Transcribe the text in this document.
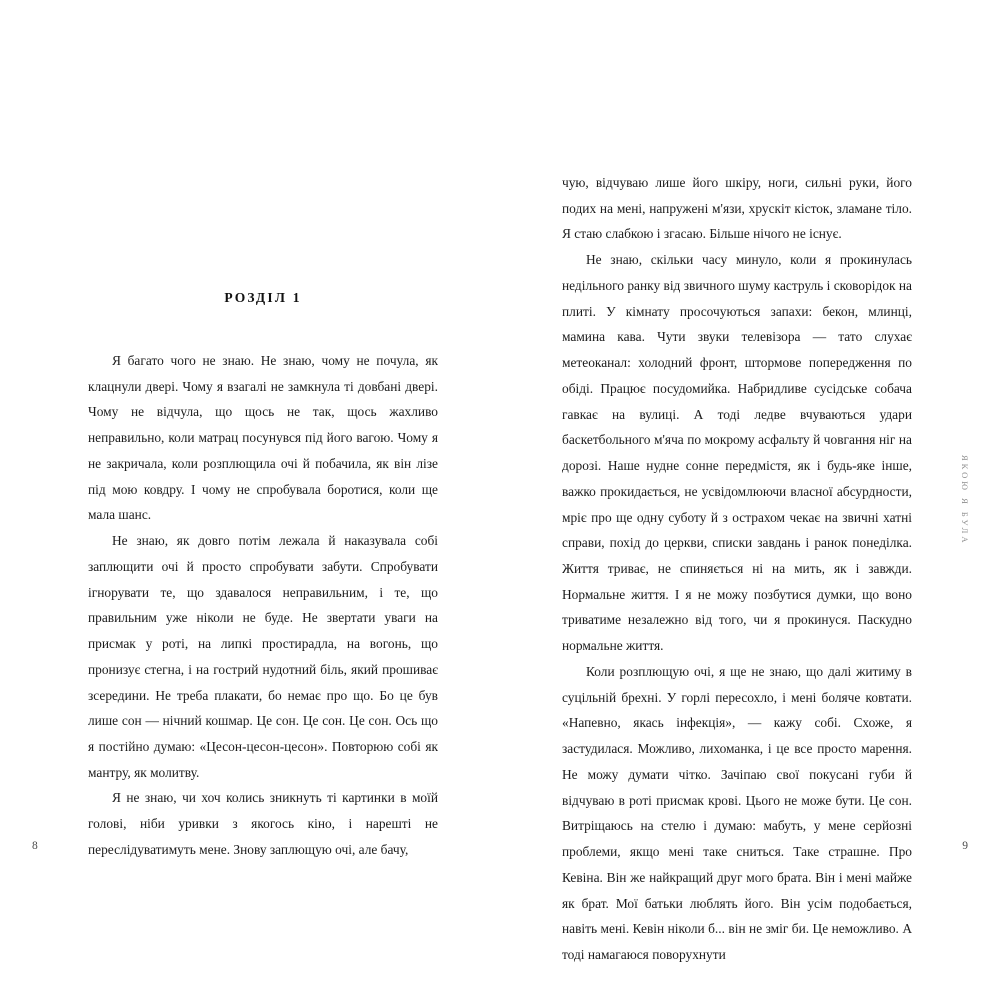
РОЗДІЛ 1

Я багато чого не знаю. Не знаю, чому не почула, як клацнули двері. Чому я взагалі не замкнула ті довбані двері. Чому не відчула, що щось не так, щось жахливо неправильно, коли матрац посунувся під його вагою. Чому я не закричала, коли розплющила очі й побачила, як він лізе під мою ковдру. І чому не спробувала боротися, коли ще мала шанс.

Не знаю, як довго потім лежала й наказувала собі заплющити очі й просто спробувати забути. Спробувати ігнорувати те, що здавалося неправильним, і те, що правильним уже ніколи не буде. Не звертати уваги на присмак у роті, на липкі простирадла, на вогонь, що пронизує стегна, і на гострий нудотний біль, який прошиває зсередини. Не треба плакати, бо немає про що. Бо це був лише сон — нічний кошмар. Це сон. Це сон. Це сон. Ось що я постійно думаю: «Цесон-цесон-цесон». Повторюю собі як мантру, як молитву.

Я не знаю, чи хоч колись зникнуть ті картинки в моїй голові, ніби уривки з якогось кіно, і нарешті не переслідуватимуть мене. Знову заплющую очі, але бачу,

8

чую, відчуваю лише його шкіру, ноги, сильні руки, його подих на мені, напружені м'язи, хрускіт кісток, зламане тіло. Я стаю слабкою і згасаю. Більше нічого не існує.

Не знаю, скільки часу минуло, коли я прокинулась недільного ранку від звичного шуму каструль і сковорідок на плиті. У кімнату просочуються запахи: бекон, млинці, мамина кава. Чути звуки телевізора — тато слухає метеоканал: холодний фронт, штормове попередження по обіді. Працює посудомийка. Набридливе сусідське собача гавкає на вулиці. А тоді ледве вчуваються удари баскетбольного м'яча по мокрому асфальту й човгання ніг на дорозі. Наше нудне сонне передмістя, як і будь-яке інше, важко прокидається, не усвідомлюючи власної абсурдности, мріє про ще одну суботу й з острахом чекає на звичні хатні справи, похід до церкви, списки завдань і ранок понеділка. Життя триває, не спиняється ні на мить, як і завжди. Нормальне життя. І я не можу позбутися думки, що воно триватиме незалежно від того, чи я прокинуся. Паскудно нормальне життя.

Коли розплющую очі, я ще не знаю, що далі житиму в суцільній брехні. У горлі пересохло, і мені боляче ковтати. «Напевно, якась інфекція», — кажу собі. Схоже, я застудилася. Можливо, лихоманка, і це все просто марення. Не можу думати чітко. Зачіпаю свої покусані губи й відчуваю в роті присмак крові. Цього не може бути. Це сон. Витріщаюсь на стелю і думаю: мабуть, у мене серйозні проблеми, якщо мені таке сниться. Таке страшне. Про Кевіна. Він же найкращий друг мого брата. Він і мені майже як брат. Мої батьки люблять його. Він усім подобається, навіть мені. Кевін ніколи б... він не зміг би. Це неможливо. А тоді намагаюся поворухнути

ЯКОЮ Я БУЛА
9
